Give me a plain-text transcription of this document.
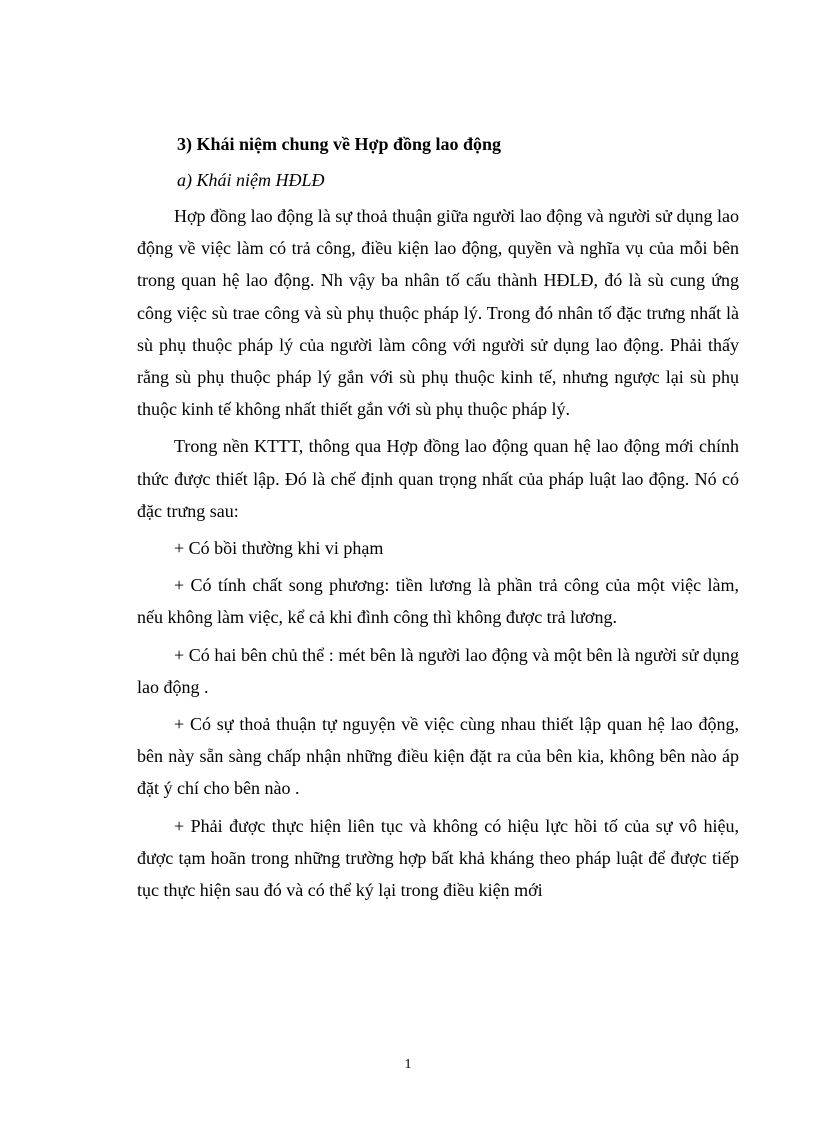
3) Khái niệm chung về Hợp đồng lao động
a) Khái niệm HĐLĐ

Hợp đồng lao động là sự thoả thuận giữa người lao động và người sử dụng lao động về việc làm có trả công, điều kiện lao động, quyền và nghĩa vụ của mỗi bên trong quan hệ lao động. Nh vậy ba nhân tố cấu thành HĐLĐ, đó là sù cung ứng công việc sù trae công và sù phụ thuộc pháp lý. Trong đó nhân tố đặc trưng nhất là sù phụ thuộc pháp lý của người làm công với người sử dụng lao động. Phải thấy rằng sù phụ thuộc pháp lý gắn với sù phụ thuộc kinh tế, nhưng ngược lại sù phụ thuộc kinh tế không nhất thiết gắn với sù phụ thuộc pháp lý.

Trong nền KTTT, thông qua Hợp đồng lao động quan hệ lao động mới chính thức được thiết lập. Đó là chế định quan trọng nhất của pháp luật lao động. Nó có đặc trưng sau:

+ Có bồi thường khi vi phạm

+ Có tính chất song phương: tiền lương là phần trả công của một việc làm, nếu không làm việc, kể cả khi đình công thì không được trả lương.

+ Có hai bên chủ thể : mét bên là người lao động và một bên là người sử dụng lao động .

+ Có sự thoả thuận tự nguyện về việc cùng nhau thiết lập quan hệ lao động, bên này sẵn sàng chấp nhận những điều kiện đặt ra của bên kia, không bên nào áp đặt ý chí cho bên nào .

+ Phải được thực hiện liên tục và không có hiệu lực hồi tố của sự vô hiệu, được tạm hoãn trong những trường hợp bất khả kháng theo pháp luật để được tiếp tục thực hiện sau đó và có thể ký lại trong điều kiện mới

1
